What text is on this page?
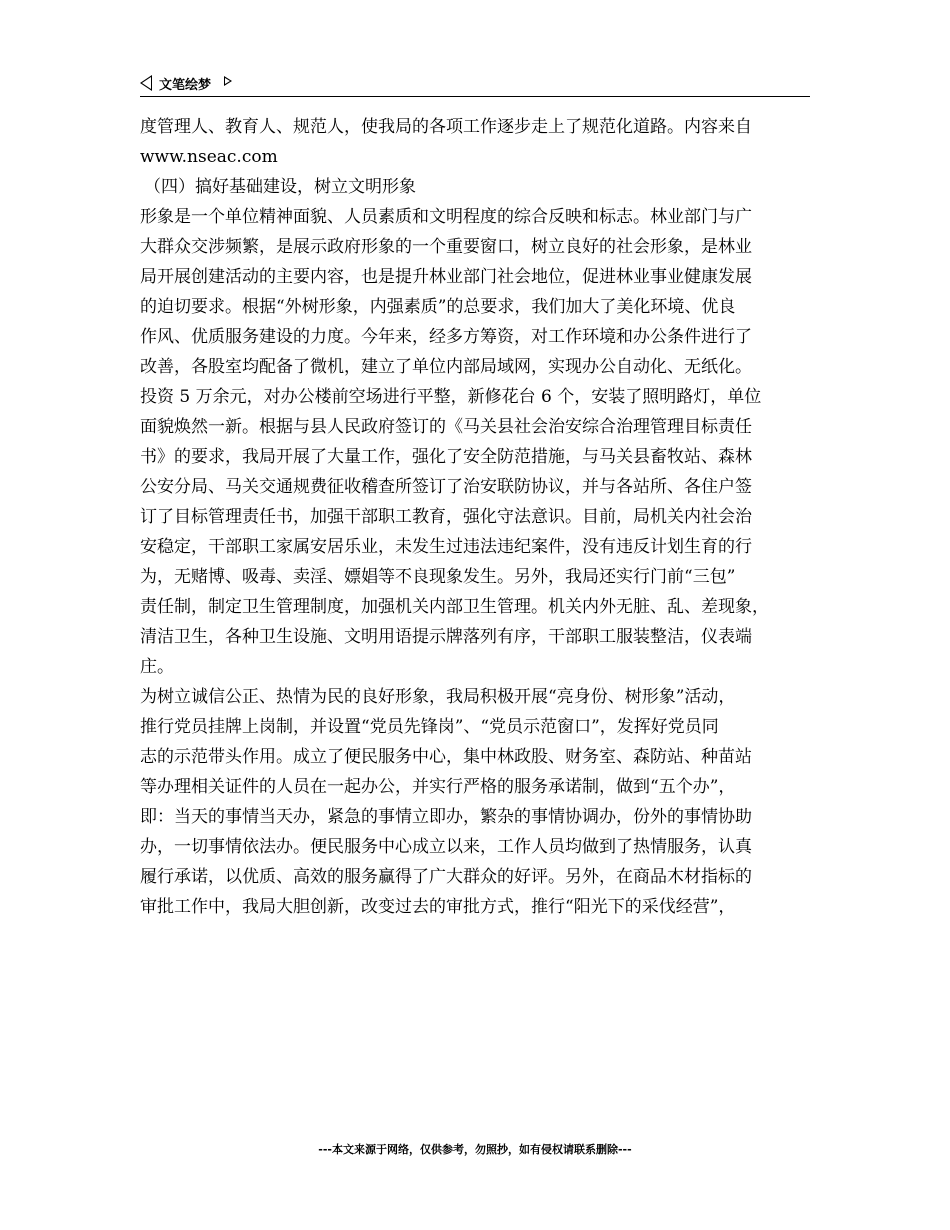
文笔绘梦
度管理人、教育人、规范人，使我局的各项工作逐步走上了规范化道路。内容来自
www.nseac.com
（四）搞好基础建设，树立文明形象
形象是一个单位精神面貌、人员素质和文明程度的综合反映和标志。林业部门与广
大群众交涉频繁，是展示政府形象的一个重要窗口，树立良好的社会形象，是林业
局开展创建活动的主要内容，也是提升林业部门社会地位，促进林业事业健康发展
的迫切要求。根据“外树形象，内强素质”的总要求，我们加大了美化环境、优良
作风、优质服务建设的力度。今年来，经多方筹资，对工作环境和办公条件进行了
改善，各股室均配备了微机，建立了单位内部局域网，实现办公自动化、无纸化。
投资 5 万余元，对办公楼前空场进行平整，新修花台 6 个，安装了照明路灯，单位
面貌焕然一新。根据与县人民政府签订的《马关县社会治安综合治理管理目标责任
书》的要求，我局开展了大量工作，强化了安全防范措施，与马关县畜牧站、森林
公安分局、马关交通规费征收稽查所签订了治安联防协议，并与各站所、各住户签
订了目标管理责任书，加强干部职工教育，强化守法意识。目前，局机关内社会治
安稳定，干部职工家属安居乐业，未发生过违法违纪案件，没有违反计划生育的行
为，无赌博、吸毒、卖淫、嫖娼等不良现象发生。另外，我局还实行门前“三包”
责任制，制定卫生管理制度，加强机关内部卫生管理。机关内外无脏、乱、差现象，
清洁卫生，各种卫生设施、文明用语提示牌落列有序，干部职工服装整洁，仪表端
庄。
为树立诚信公正、热情为民的良好形象，我局积极开展“亮身份、树形象”活动，
推行党员挂牌上岗制，并设置“党员先锋岗”、“党员示范窗口”，发挥好党员同
志的示范带头作用。成立了便民服务中心，集中林政股、财务室、森防站、种苗站
等办理相关证件的人员在一起办公，并实行严格的服务承诺制，做到“五个办”，
即：当天的事情当天办，紧急的事情立即办，繁杂的事情协调办，份外的事情协助
办，一切事情依法办。便民服务中心成立以来，工作人员均做到了热情服务，认真
履行承诺，以优质、高效的服务赢得了广大群众的好评。另外，在商品木材指标的
审批工作中，我局大胆创新，改变过去的审批方式，推行“阳光下的采伐经营”，
---本文来源于网络，仅供参考，勿照抄，如有侵权请联系删除---
